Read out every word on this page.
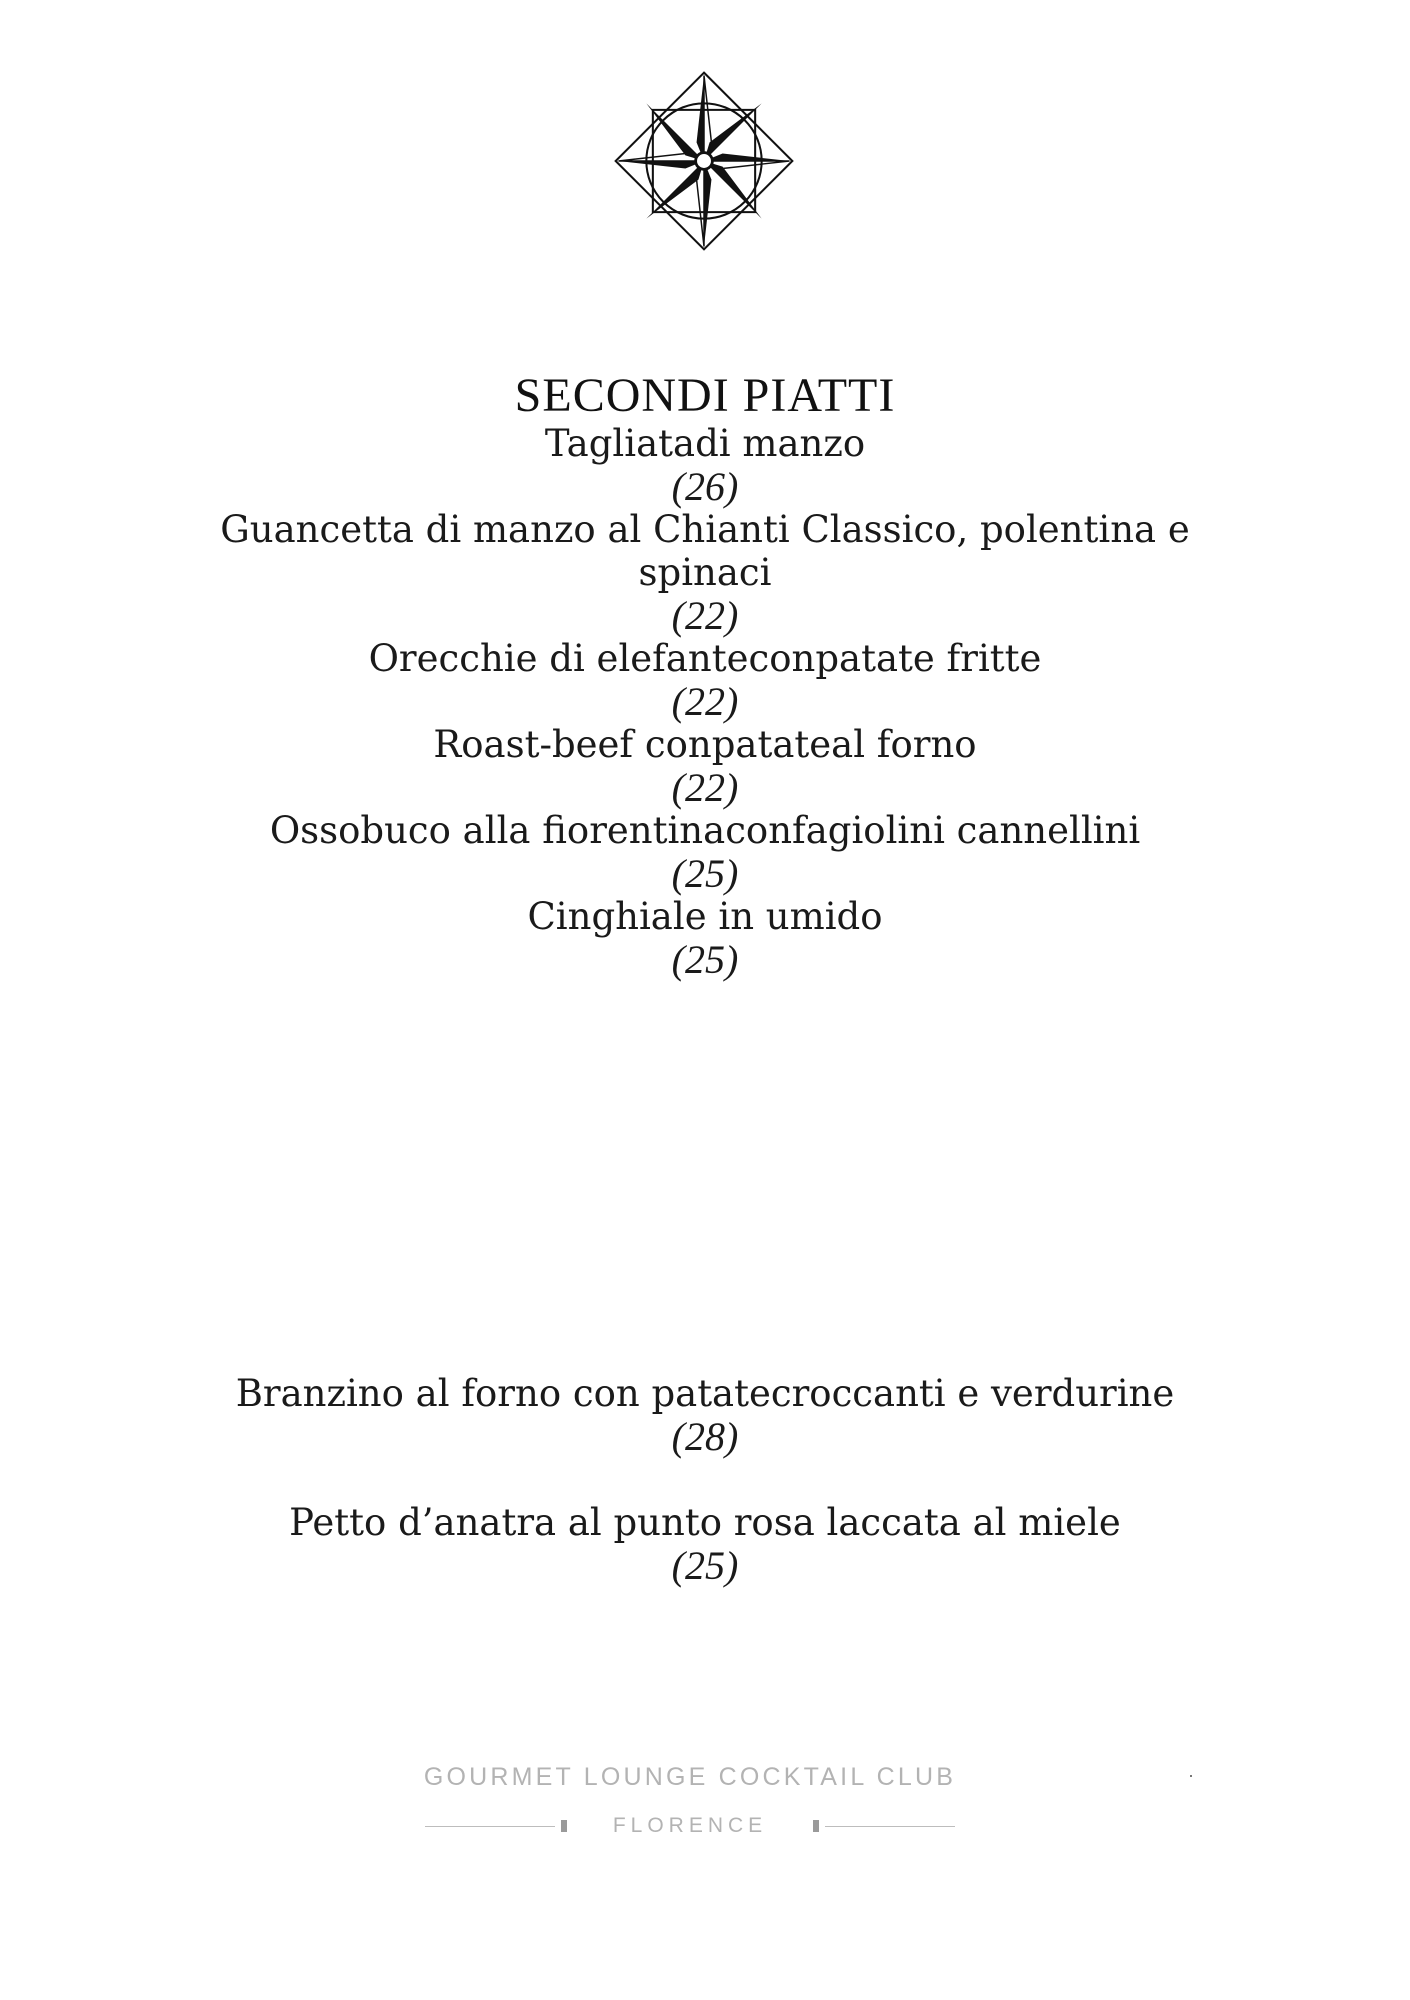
SECONDI PIATTI
Tagliatadi manzo
(26)
Guancetta di manzo al Chianti Classico, polentina e spinaci
(22)
Orecchie di elefanteconpatate fritte
(22)
Roast-beef conpatateal forno
(22)
Ossobuco alla fiorentinaconfagiolini cannellini
(25)
Cinghiale in umido
(25)
Branzino al forno con patatecroccanti e verdurine
(28)
Petto d’anatra al punto rosa laccata al miele
(25)
GOURMET LOUNGE COCKTAIL CLUB
FLORENCE
